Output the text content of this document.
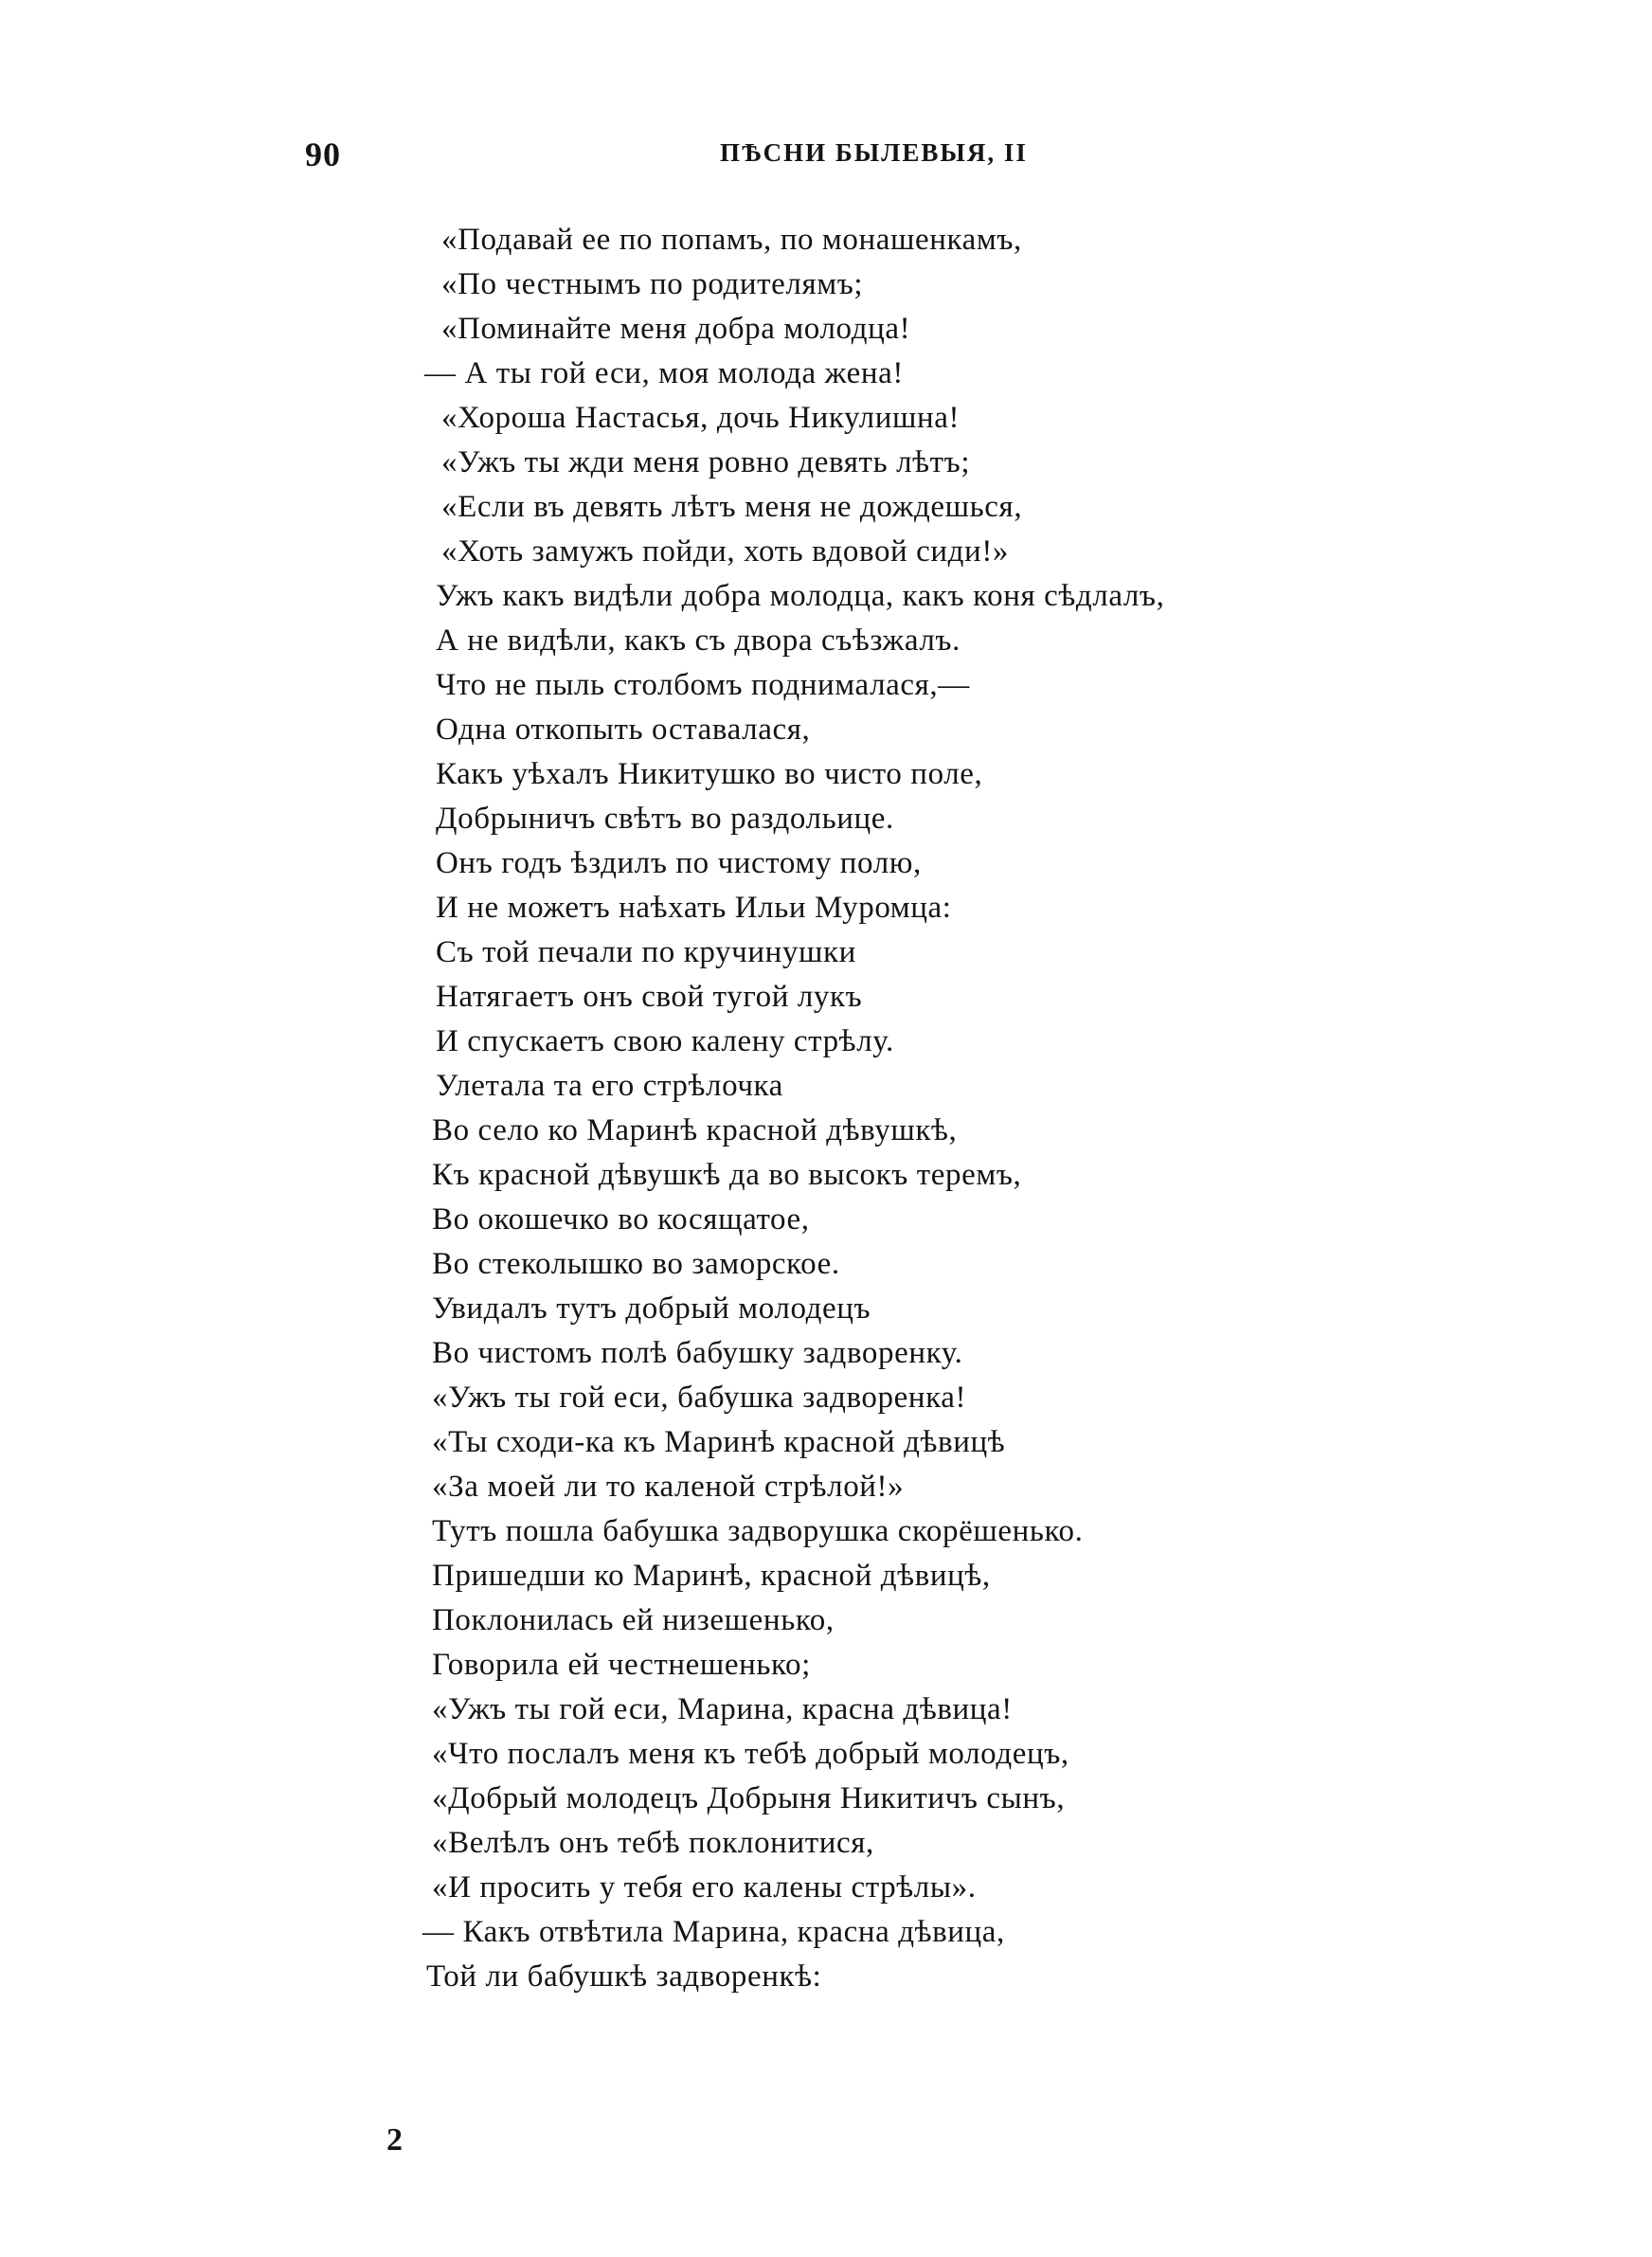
90	ПѢСНИ БЫЛЕВЫЯ, II
«Подавай ее по попамъ, по монашенкамъ,
«По честнымъ по родителямъ;
«Поминайте меня добра молодца!
— А ты гой еси, моя молода жена!
«Хороша Настасья, дочь Никулишна!
«Ужъ ты жди меня ровно девять лѣтъ;
«Если въ девять лѣтъ меня не дождешься,
«Хоть замужъ пойди, хоть вдовой сиди!»
Ужъ какъ видѣли добра молодца, какъ коня сѣдлалъ,
А не видѣли, какъ съ двора съѣзжалъ.
Что не пыль столбомъ поднималася,—
Одна откопыть оставалася,
Какъ уѣхалъ Никитушко во чисто поле,
Добрыничъ свѣтъ во раздольице.
Онъ годъ ѣздилъ по чистому полю,
И не можетъ наѣхать Ильи Муромца:
Съ той печали по кручинушки
Натягаетъ онъ свой тугой лукъ
И спускаетъ свою калену стрѣлу.
Улетала та его стрѣлочка
Во село ко Маринѣ красной дѣвушкѣ,
Къ красной дѣвушкѣ да во высокъ теремъ,
Во окошечко во косящатое,
Во стеколышко во заморское.
Увидалъ тутъ добрый молодецъ
Во чистомъ полѣ бабушку задворенку.
«Ужъ ты гой еси, бабушка задворенка!
«Ты сходи-ка къ Маринѣ красной дѣвицѣ
«За моей ли то каленой стрѣлой!»
Тутъ пошла бабушка задворушка скорёшенько.
Пришедши ко Маринѣ, красной дѣвицѣ,
Поклонилась ей низешенько,
Говорила ей честнешенько;
«Ужъ ты гой еси, Марина, красна дѣвица!
«Что послалъ меня къ тебѣ добрый молодецъ,
«Добрый молодецъ Добрыня Никитичъ сынъ,
«Велѣлъ онъ тебѣ поклонитися,
«И просить у тебя его калены стрѣлы».
— Какъ отвѣтила Марина, красна дѣвица,
Той ли бабушкѣ задворенкѣ:
2
